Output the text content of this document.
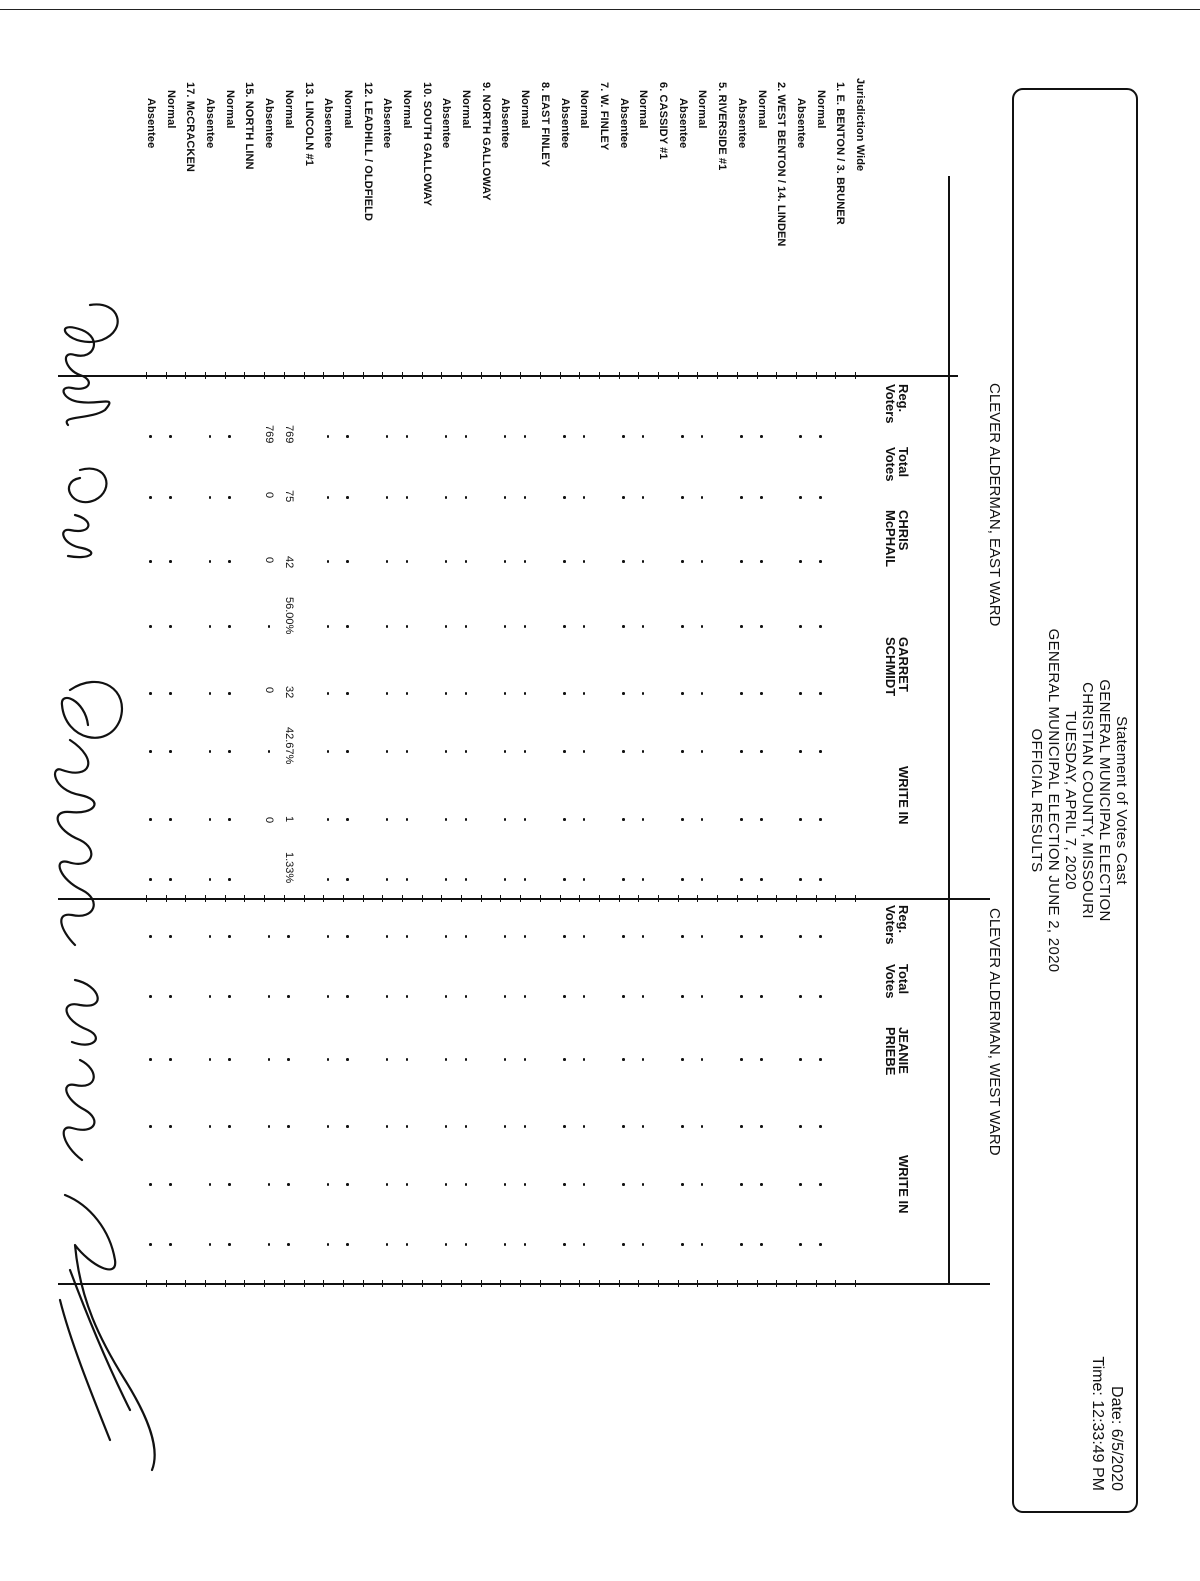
Statement of Votes Cast
GENERAL MUNICIPAL ELECTION
CHRISTIAN COUNTY, MISSOURI
TUESDAY, APRIL 7, 2020
GENERAL MUNICIPAL ELECTION JUNE 2, 2020
OFFICIAL RESULTS
Date: 6/5/2020
Time: 12:33:49 PM
CLEVER ALDERMAN, EAST WARD
CLEVER ALDERMAN, WEST WARD
Jurisdiction Wide
1. E. BENTON / 3. BRUNER
Normal
Absentee
2. WEST BENTON / 14. LINDEN
Normal
Absentee
5. RIVERSIDE #1
Normal
Absentee
6. CASSIDY #1
Normal
Absentee
7. W. FINLEY
Normal
Absentee
8. EAST FINLEY
Normal
Absentee
9. NORTH GALLOWAY
Normal
Absentee
10. SOUTH GALLOWAY
Normal
Absentee
12. LEADHILL / OLDFIELD
Normal
Absentee
13. LINCOLN #1
Normal
Absentee
15. NORTH LINN
Normal
Absentee
17. McCRACKEN
Normal
Absentee
Reg.
Voters
Total
Votes
CHRIS
McPHAIL
GARRET
SCHMIDT
WRITE IN
Reg.
Voters
Total
Votes
JEANIE
PRIEBE
WRITE IN
769
75
42
56.00%
32
42.67%
1
1.33%
769
0
0
0
0
